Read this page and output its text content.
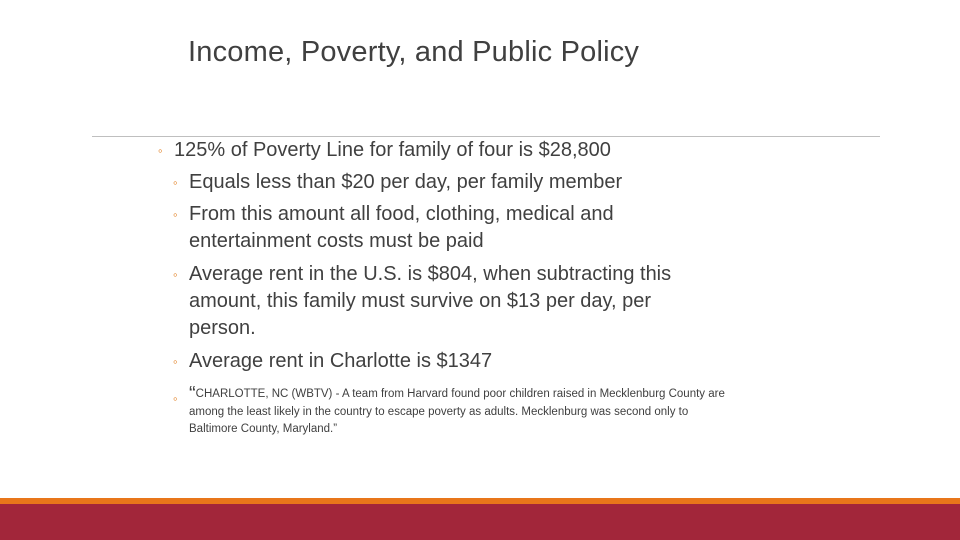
Income, Poverty, and Public Policy
◦ 125% of Poverty Line for family of four is $28,800
◦ Equals less than $20 per day, per family member
◦ From this amount all food, clothing, medical and
entertainment costs must be paid
◦ Average rent in the U.S. is $804, when subtracting this
amount, this family must survive on $13 per day, per
person.
◦ Average rent in Charlotte is $1347
◦ “CHARLOTTE, NC (WBTV) - A team from Harvard found poor children raised in Mecklenburg County are
among the least likely in the country to escape poverty as adults. Mecklenburg was second only to
Baltimore County, Maryland.”
